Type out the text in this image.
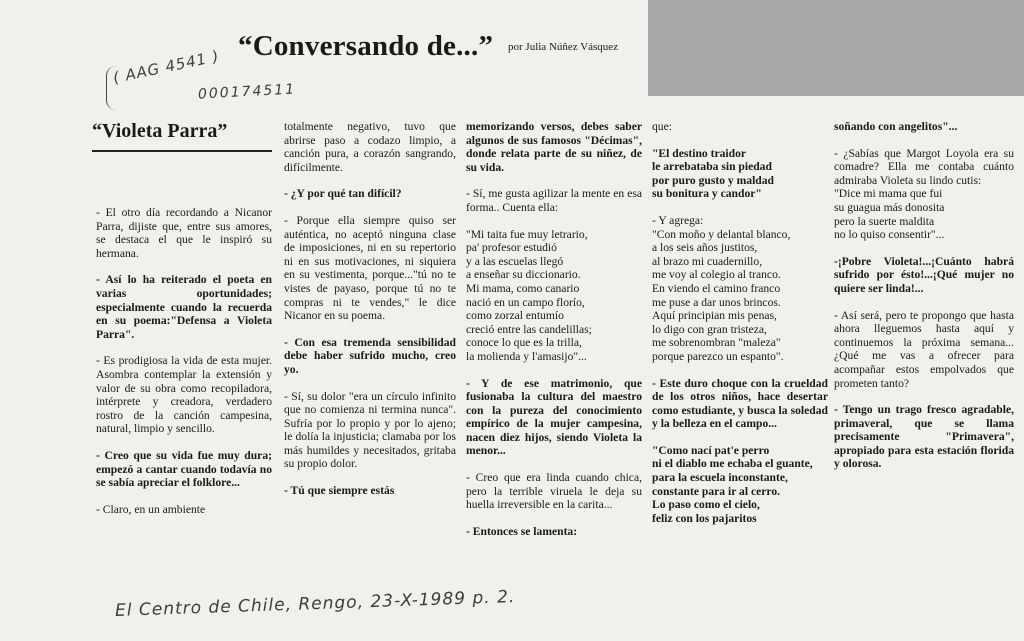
“Conversando de...” por Julia Núñez Vásquez
( AAG 4541 )
000174511
“Violeta Parra”

- El otro día recordando a Nicanor Parra, dijiste que, entre sus amores, se destaca el que le inspiró su hermana.

- Así lo ha reiterado el poeta en varias oportunidades; especialmente cuando la recuerda en su poema:"Defensa a Violeta Parra".

- Es prodigiosa la vida de esta mujer. Asombra contemplar la extensión y valor de su obra como recopiladora, intérprete y creadora, verdadero rostro de la canción campesina, natural, limpio y sencillo.

- Creo que su vida fue muy dura; empezó a cantar cuando todavía no se sabía apreciar el folklore...

- Claro, en un ambiente

totalmente negativo, tuvo que abrirse paso a codazo limpio, a canción pura, a corazón sangrando, difícilmente.

- ¿Y por qué tan difícil?

- Porque ella siempre quiso ser auténtica, no aceptó ninguna clase de imposiciones, ni en su repertorio ni en sus motivaciones, ni siquiera en su vestimenta, porque..."tú no te vistes de payaso, porque tú no te compras ni te vendes," le dice Nicanor en su poema.

- Con esa tremenda sensibilidad debe haber sufrido mucho, creo yo.

- Sí, su dolor "era un círculo infinito que no comienza ni termina nunca". Sufría por lo propio y por lo ajeno; le dolía la injusticia; clamaba por los más humildes y necesitados, gritaba su propio dolor.

- Tú que siempre estás

memorizando versos, debes saber algunos de sus famosos "Décimas", donde relata parte de su niñez, de su vida.

- Sí, me gusta agilizar la mente en esa forma.. Cuenta ella:

"Mi taita fue muy letrario,
pa' profesor estudió
y a las escuelas llegó
a enseñar su diccionario.
Mi mama, como canario
nació en un campo florío,
como zorzal entumío
creció entre las candelillas;
conoce lo que es la trilla,
la molienda y l'amasijo"...

- Y de ese matrimonio, que fusionaba la cultura del maestro con la pureza del conocimiento empírico de la mujer campesina, nacen diez hijos, siendo Violeta la menor...

- Creo que era linda cuando chica, pero la terrible viruela le deja su huella irreversible en la carita...

- Entonces se lamenta:

que:

"El destino traidor
le arrebataba sin piedad
por puro gusto y maldad
su bonitura y candor"

- Y agrega:
"Con moño y delantal blanco,
a los seis años justitos,
al brazo mi cuadernillo,
me voy al colegio al tranco.
En viendo el camino franco
me puse a dar unos brincos.
Aquí principian mis penas,
lo digo con gran tristeza,
me sobrenombran "maleza"
porque parezco un espanto".

- Este duro choque con la crueldad de los otros niños, hace desertar como estudiante, y busca la soledad y la belleza en el campo...

"Como nací pat'e perro
ni el diablo me echaba el guante,
para la escuela inconstante,
constante para ir al cerro.
Lo paso como el cielo,
feliz con los pajaritos

soñando con angelitos"...

- ¿Sabías que Margot Loyola era su comadre? Ella me contaba cuánto admiraba Violeta su lindo cutis:
"Dice mi mama que fui
su guagua más donosita
pero la suerte maldita
no lo quiso consentir"...

-¡Pobre Violeta!...¡Cuánto habrá sufrido por ésto!...¡Qué mujer no quiere ser linda!...

- Así será, pero te propongo que hasta ahora lleguemos hasta aquí y continuemos la próxima semana... ¿Qué me vas a ofrecer para acompañar estos empolvados que prometen tanto?

- Tengo un trago fresco agradable, primaveral, que se llama precisamente "Primavera", apropiado para esta estación florida y olorosa.

El Centro de Chile, Rengo, 23-X-1989 p. 2.
